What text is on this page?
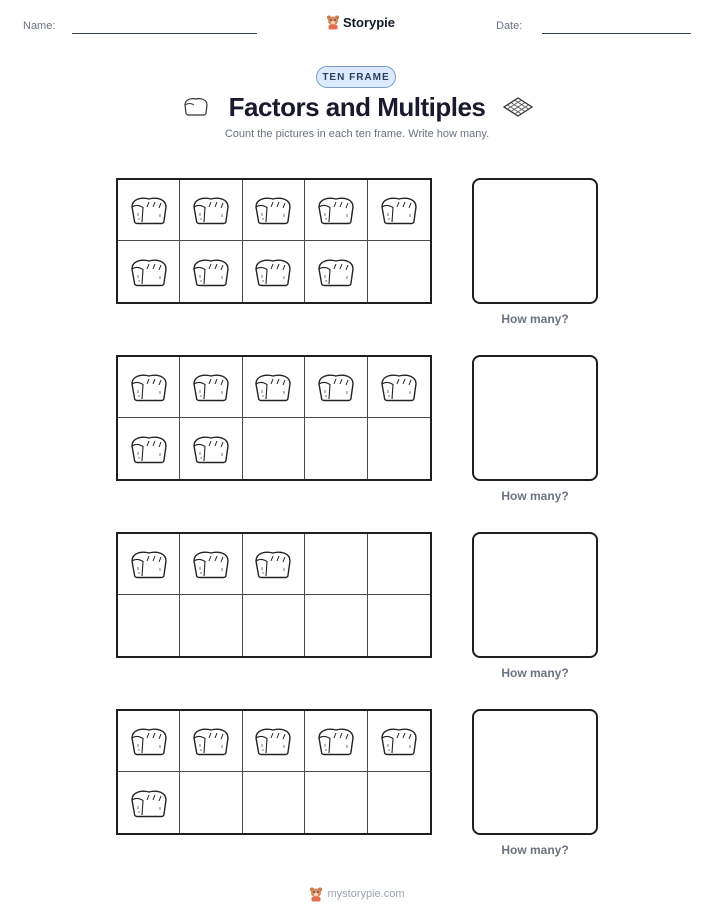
Name:	Storypie	Date:
TEN FRAME
Factors and Multiples
Count the pictures in each ten frame. Write how many.
How many?
How many?
How many?
How many?
mystorypie.com
